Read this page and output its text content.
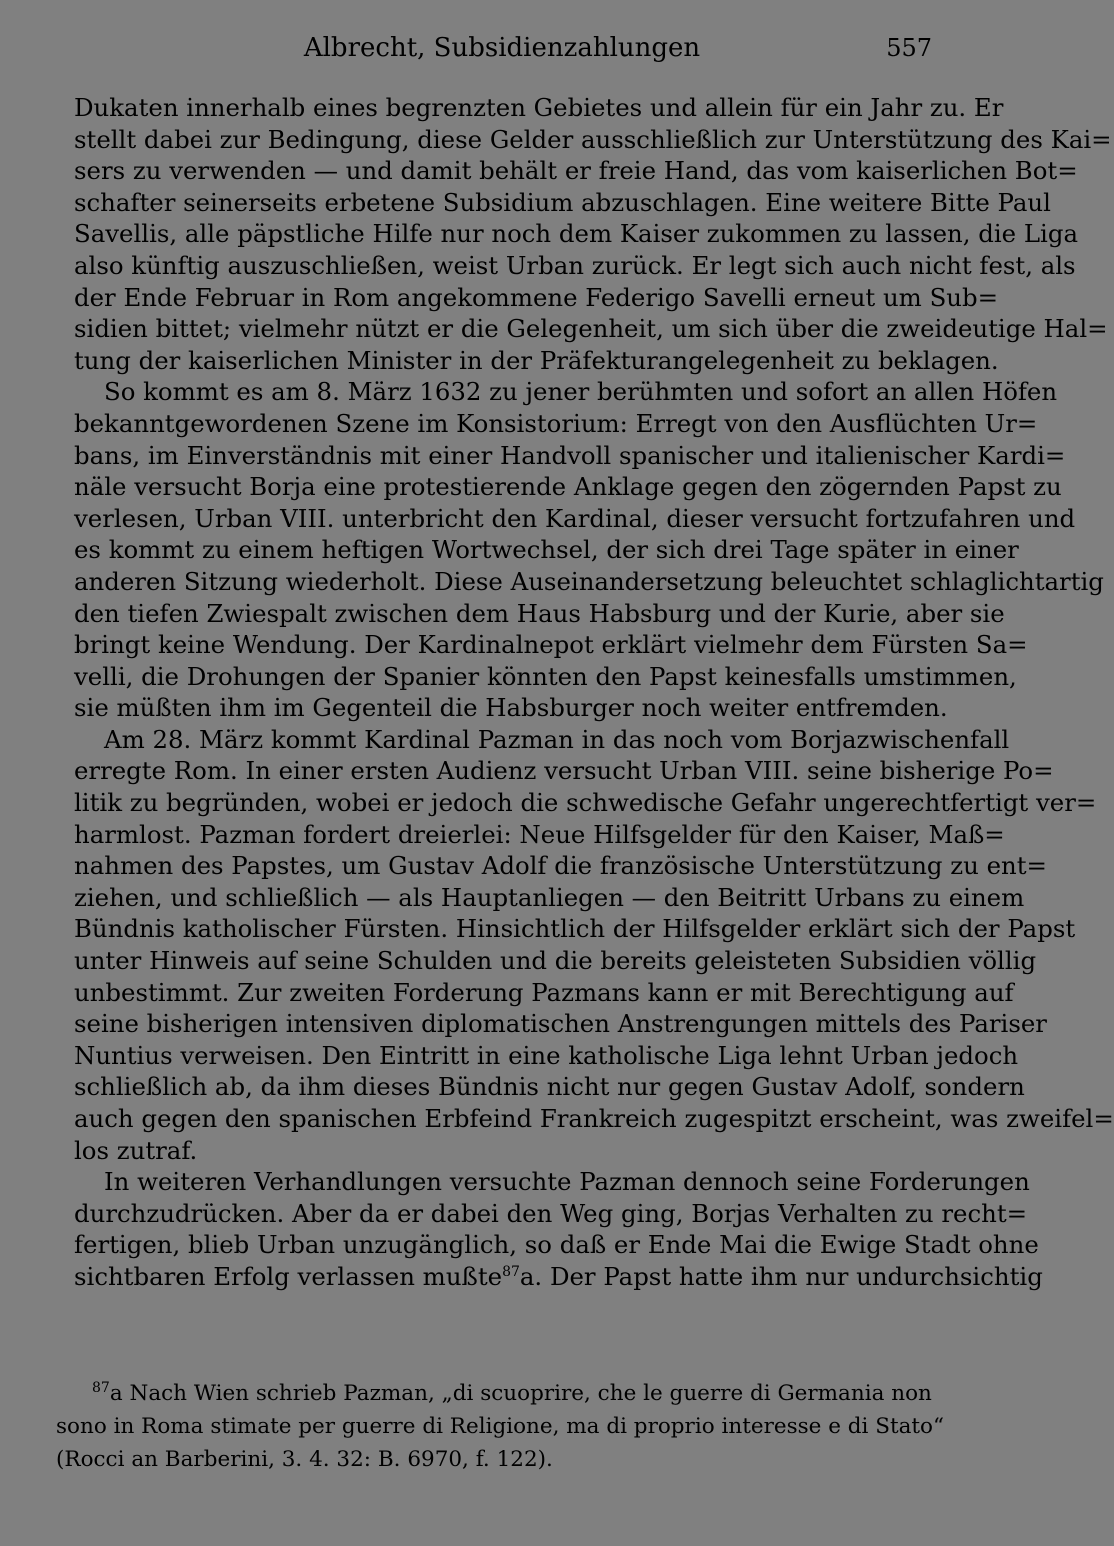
Albrecht, Subsidienzahlungen	557
Dukaten innerhalb eines begrenzten Gebietes und allein für ein Jahr zu. Er
stellt dabei zur Bedingung, diese Gelder ausschließlich zur Unterstützung des Kai=
sers zu verwenden — und damit behält er freie Hand, das vom kaiserlichen Bot=
schafter seinerseits erbetene Subsidium abzuschlagen. Eine weitere Bitte Paul
Savellis, alle päpstliche Hilfe nur noch dem Kaiser zukommen zu lassen, die Liga
also künftig auszuschließen, weist Urban zurück. Er legt sich auch nicht fest, als
der Ende Februar in Rom angekommene Federigo Savelli erneut um Sub=
sidien bittet; vielmehr nützt er die Gelegenheit, um sich über die zweideutige Hal=
tung der kaiserlichen Minister in der Präfekturangelegenheit zu beklagen.
So kommt es am 8. März 1632 zu jener berühmten und sofort an allen Höfen
bekanntgewordenen Szene im Konsistorium: Erregt von den Ausflüchten Ur=
bans, im Einverständnis mit einer Handvoll spanischer und italienischer Kardi=
näle versucht Borja eine protestierende Anklage gegen den zögernden Papst zu
verlesen, Urban VIII. unterbricht den Kardinal, dieser versucht fortzufahren und
es kommt zu einem heftigen Wortwechsel, der sich drei Tage später in einer
anderen Sitzung wiederholt. Diese Auseinandersetzung beleuchtet schlaglichtartig
den tiefen Zwiespalt zwischen dem Haus Habsburg und der Kurie, aber sie
bringt keine Wendung. Der Kardinalnepot erklärt vielmehr dem Fürsten Sa=
velli, die Drohungen der Spanier könnten den Papst keinesfalls umstimmen,
sie müßten ihm im Gegenteil die Habsburger noch weiter entfremden.
Am 28. März kommt Kardinal Pazman in das noch vom Borjazwischenfall
erregte Rom. In einer ersten Audienz versucht Urban VIII. seine bisherige Po=
litik zu begründen, wobei er jedoch die schwedische Gefahr ungerechtfertigt ver=
harmlost. Pazman fordert dreierlei: Neue Hilfsgelder für den Kaiser, Maß=
nahmen des Papstes, um Gustav Adolf die französische Unterstützung zu ent=
ziehen, und schließlich — als Hauptanliegen — den Beitritt Urbans zu einem
Bündnis katholischer Fürsten. Hinsichtlich der Hilfsgelder erklärt sich der Papst
unter Hinweis auf seine Schulden und die bereits geleisteten Subsidien völlig
unbestimmt. Zur zweiten Forderung Pazmans kann er mit Berechtigung auf
seine bisherigen intensiven diplomatischen Anstrengungen mittels des Pariser
Nuntius verweisen. Den Eintritt in eine katholische Liga lehnt Urban jedoch
schließlich ab, da ihm dieses Bündnis nicht nur gegen Gustav Adolf, sondern
auch gegen den spanischen Erbfeind Frankreich zugespitzt erscheint, was zweifel=
los zutraf.
In weiteren Verhandlungen versuchte Pazman dennoch seine Forderungen
durchzudrücken. Aber da er dabei den Weg ging, Borjas Verhalten zu recht=
fertigen, blieb Urban unzugänglich, so daß er Ende Mai die Ewige Stadt ohne
sichtbaren Erfolg verlassen mußte$^{87}$a. Der Papst hatte ihm nur undurchsichtig
$^{87}$a Nach Wien schrieb Pazman, „di scuoprire, che le guerre di Germania non
sono in Roma stimate per guerre di Religione, ma di proprio interesse e di Stato“
(Rocci an Barberini, 3. 4. 32: B. 6970, f. 122).
